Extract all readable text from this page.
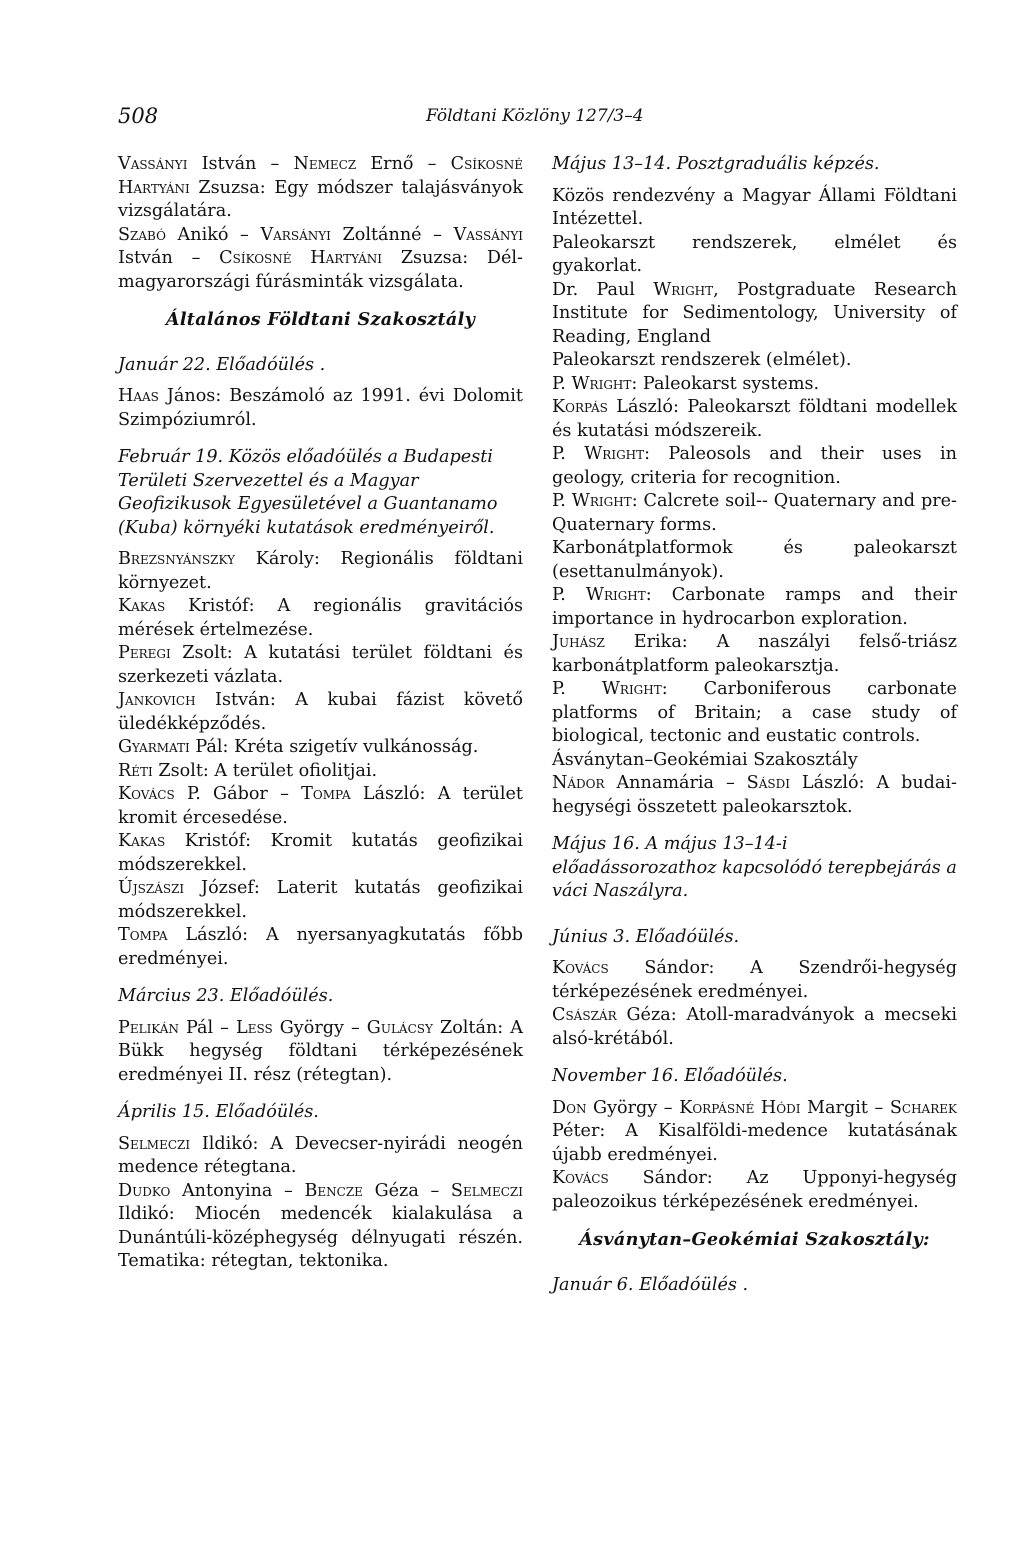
508	Földtani Közlöny 127/3–4

Vassányi István – Nemecz Ernő – Csíkosné Hartyáni Zsuzsa: Egy módszer talajásványok vizsgálatára.

Szabó Anikó – Varsányi Zoltánné – Vassányi István – Csíkosné Hartyáni Zsuzsa: Dél-magyarországi fúrásminták vizsgálata.

Általános Földtani Szakosztály

Január 22. Előadóülés .

Haas János: Beszámoló az 1991. évi Dolomit Szimpóziumról.

Február 19. Közös előadóülés a Budapesti Területi Szervezettel és a Magyar Geofizikusok Egyesületével a Guantanamo (Kuba) környéki kutatások eredményeiről.

Brezsnyánszky Károly: Regionális földtani környezet.

Kakas Kristóf: A regionális gravitációs mérések értelmezése.

Peregi Zsolt: A kutatási terület földtani és szerkezeti vázlata.

Jankovich István: A kubai fázist követő üledékképződés.

Gyarmati Pál: Kréta szigetív vulkánosság.

Réti Zsolt: A terület ofiolitjai.

Kovács P. Gábor – Tompa László: A terület kromit ércesedése.

Kakas Kristóf: Kromit kutatás geofizikai módszerekkel.

Újszászi József: Laterit kutatás geofizikai módszerekkel.

Tompa László: A nyersanyagkutatás főbb eredményei.

Március 23. Előadóülés.

Pelikán Pál – Less György – Gulácsy Zoltán: A Bükk hegység földtani térképezésének eredményei II. rész (rétegtan).

Április 15. Előadóülés.

Selmeczi Ildikó: A Devecser-nyirádi neogén medence rétegtana.

Dudko Antonyina – Bencze Géza – Selmeczi Ildikó: Miocén medencék kialakulása a Dunántúli-középhegység délnyugati részén. Tematika: rétegtan, tektonika.

Május 13–14. Posztgraduális képzés.

Közös rendezvény a Magyar Állami Földtani Intézettel.

Paleokarszt rendszerek, elmélet és gyakorlat.

Dr. Paul Wright, Postgraduate Research Institute for Sedimentology, University of Reading, England

Paleokarszt rendszerek (elmélet).

P. Wright: Paleokarst systems.

Korpás László: Paleokarszt földtani modellek és kutatási módszereik.

P. Wright: Paleosols and their uses in geology, criteria for recognition.

P. Wright: Calcrete soil-- Quaternary and pre-Quaternary forms.

Karbonátplatformok és paleokarszt (esettanulmányok).

P. Wright: Carbonate ramps and their importance in hydrocarbon exploration.

Juhász Erika: A naszályi felső-triász karbonátplatform paleokarsztja.

P. Wright: Carboniferous carbonate platforms of Britain; a case study of biological, tectonic and eustatic controls.

Ásványtan–Geokémiai Szakosztály

Nádor Annamária – Sásdi László: A budai-hegységi összetett paleokarsztok.

Május 16. A május 13–14-i előadássorozathoz kapcsolódó terepbejárás a váci Naszályra.

Június 3. Előadóülés.

Kovács Sándor: A Szendrői-hegység térképezésének eredményei.

Császár Géza: Atoll-maradványok a mecseki alsó-krétából.

November 16. Előadóülés.

Don György – Korpásné Hódi Margit – Scharek Péter: A Kisalföldi-medence kutatásának újabb eredményei.

Kovács Sándor: Az Upponyi-hegység paleozoikus térképezésének eredményei.

Ásványtan–Geokémiai Szakosztály:

Január 6. Előadóülés .
